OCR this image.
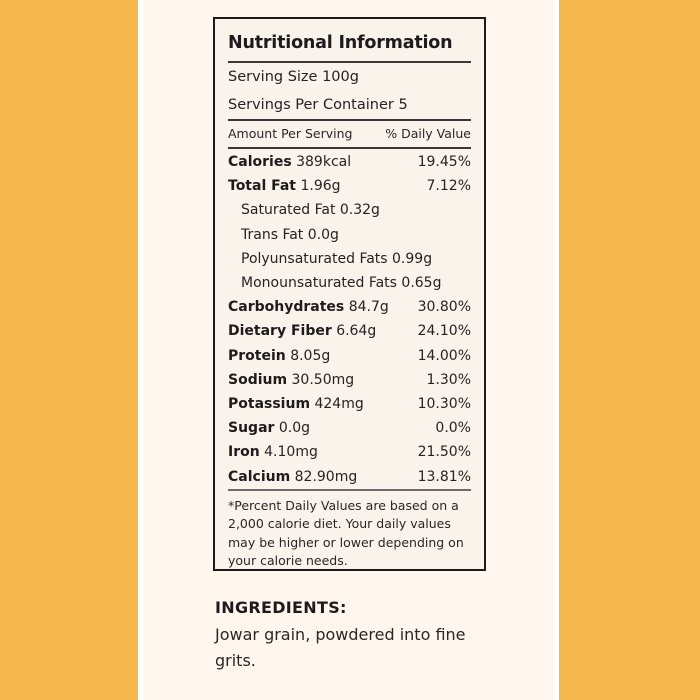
Nutritional Information
Serving Size 100g
Servings Per Container 5
Amount Per Serving	% Daily Value
Calories 389kcal	19.45%
Total Fat 1.96g	7.12%
Saturated Fat 0.32g
Trans Fat 0.0g
Polyunsaturated Fats 0.99g
Monounsaturated Fats 0.65g
Carbohydrates 84.7g 30.80%
Dietary Fiber 6.64g	24.10%
Protein 8.05g	14.00%
Sodium 30.50mg	1.30%
Potassium 424mg	10.30%
Sugar 0.0g	0.0%
Iron 4.10mg	21.50%
Calcium 82.90mg	13.81%

*Percent Daily Values are based on a 2,000 calorie diet. Your daily values may be higher or lower depending on your calorie needs.

INGREDIENTS:
Jowar grain, powdered into fine grits.
